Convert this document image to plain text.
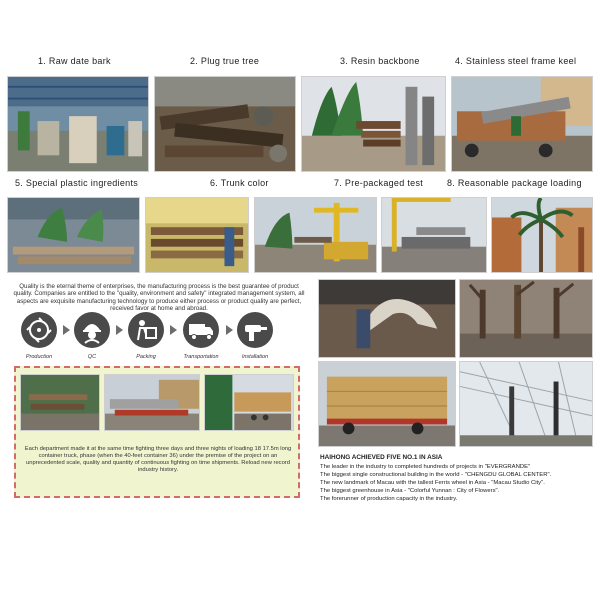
1. Raw date bark	2. Plug true tree	3. Resin backbone	4. Stainless steel frame keel
5. Special plastic ingredients	6. Trunk color	7. Pre-packaged test	8. Reasonable package loading
Quality is the eternal theme of enterprises, the manufacturing process is the best guarantee of product quality. Companies are entitled to the "quality, environment and safety" integrated management system, all aspects are exquisite manufacturing technology to produce either process or product quality are perfect, received favor at home and abroad.
Production	QC	Packing	Transportation	Installation
Each department made it at the same time fighting three days and three nights of loading 18 17.5m long container truck, phase (when the 40-feet container 36) under the premise of the project on an unprecedented scale, quality and quantity of continuous fighting on time shipments. Reload new record industry history.
HAIHONG ACHIEVED FIVE NO.1 IN ASIA
The leader in the industry to completed hundreds of projects in "EVERGRANDE"
The biggest single constructional building in the world - "CHENGDU GLOBAL CENTER".
The new landmark of Macau with the tallest Ferris wheel in Asia - "Macau Studio City".
The biggest greenhouse in Asia - "Colorful Yunnan : City of Flowers".
The forerunner of production capacity in the industry.
